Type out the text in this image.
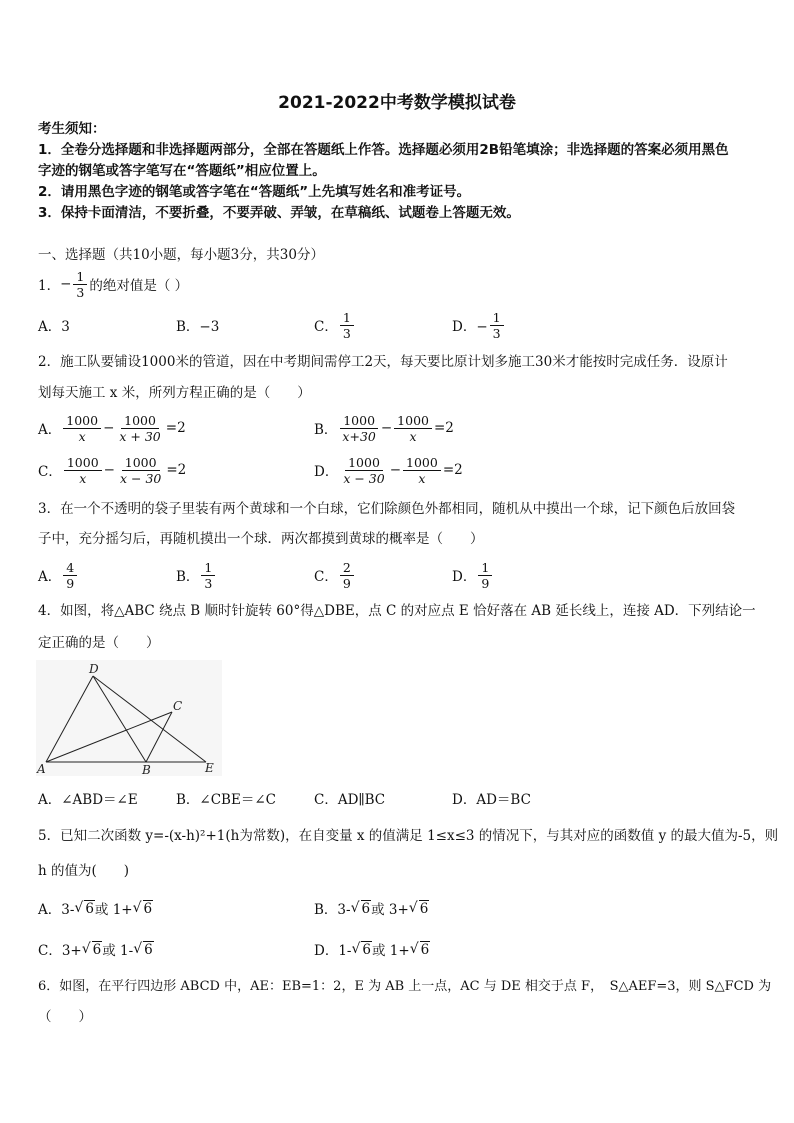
2021-2022中考数学模拟试卷
考生须知：
1．全卷分选择题和非选择题两部分，全部在答题纸上作答。选择题必须用2B铅笔填涂；非选择题的答案必须用黑色
字迹的钢笔或答字笔写在“答题纸”相应位置上。
2．请用黑色字迹的钢笔或答字笔在“答题纸”上先填写姓名和准考证号。
3．保持卡面清洁，不要折叠，不要弄破、弄皱，在草稿纸、试题卷上答题无效。
一、选择题（共10小题，每小题3分，共30分）
1． − $\frac{1}{3}$ 的绝对值是（ ）
A．3	B．−3	C． $\frac{1}{3}$	D．− $\frac{1}{3}$
2．施工队要铺设1000米的管道，因在中考期间需停工2天，每天要比原计划多施工30米才能按时完成任务．设原计
划每天施工 x 米，所列方程正确的是（　　）
A． $\frac{1000}{x} - \frac{1000}{x + 30} =2$	B． $\frac{1000}{x+30} - \frac{1000}{x} =2$
C． $\frac{1000}{x} - \frac{1000}{x - 30} =2$	D． $\frac{1000}{x - 30} - \frac{1000}{x} =2$
3．在一个不透明的袋子里装有两个黄球和一个白球，它们除颜色外都相同，随机从中摸出一个球，记下颜色后放回袋
子中，充分摇匀后，再随机摸出一个球．两次都摸到黄球的概率是（　　）
A． $\frac{4}{9}$	B． $\frac{1}{3}$	C． $\frac{2}{9}$	D． $\frac{1}{9}$
4．如图，将△ABC 绕点 B 顺时针旋转 60°得△DBE，点 C 的对应点 E 恰好落在 AB 延长线上，连接 AD．下列结论一
定正确的是（　　）
D
C
A	B	E
A．∠ABD＝∠E	B．∠CBE＝∠C	C．AD∥BC	D．AD＝BC
5．已知二次函数 y=-(x-h)²+1(h为常数)，在自变量 x 的值满足 1≤x≤3 的情况下，与其对应的函数值 y 的最大值为-5，则
h 的值为(　　)
A．3- √ 6 或 1+ √ 6	B．3- √ 6 或 3+ √ 6
C．3+ √ 6 或 1- √ 6	D．1- √ 6 或 1+ √ 6
6．如图，在平行四边形 ABCD 中，AE：EB=1：2，E 为 AB 上一点，AC 与 DE 相交于点 F，　S△AEF=3，则 S△FCD 为
（　　）
